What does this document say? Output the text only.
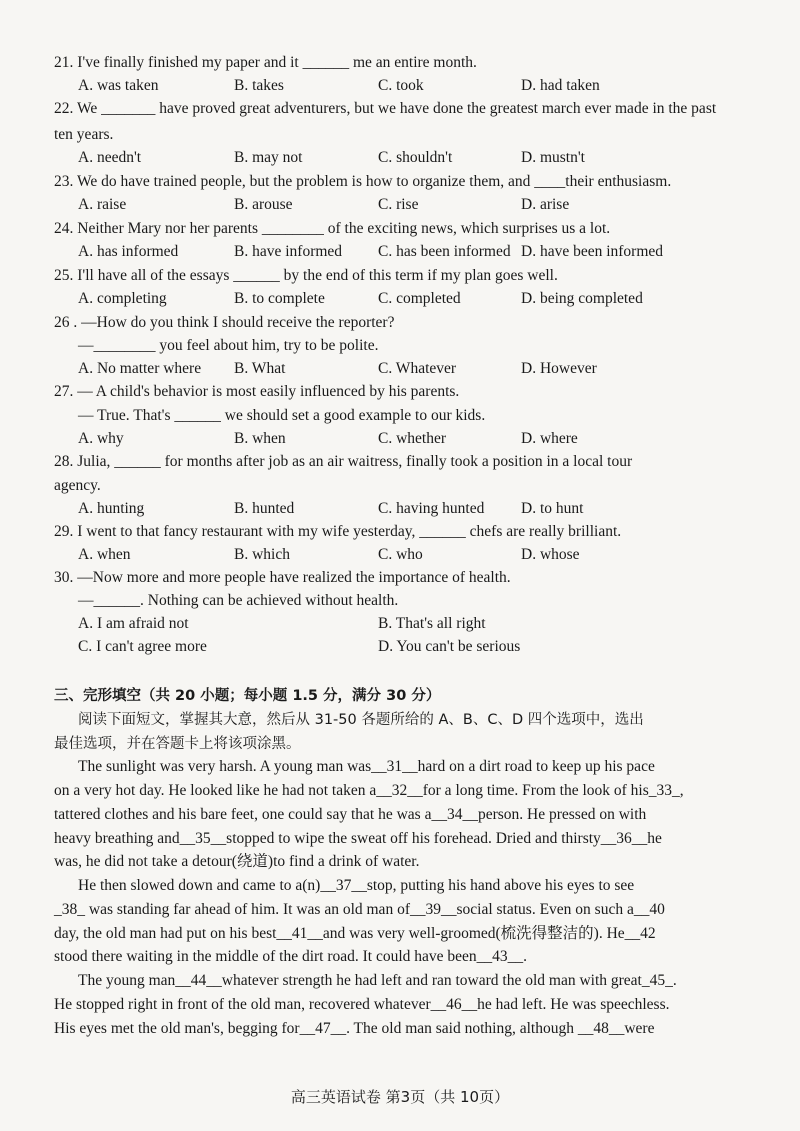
21. I've finally finished my paper and it ______ me an entire month.
A. was taken	B. takes	C. took	D. had taken
22. We _______ have proved great adventurers, but we have done the greatest march ever made in the past
ten years.
A. needn't	B. may not	C. shouldn't	D. mustn't
23. We do have trained people, but the problem is how to organize them, and ____their enthusiasm.
A. raise	B. arouse	C. rise	D. arise
24. Neither Mary nor her parents ________ of the exciting news, which surprises us a lot.
A. has informed	B. have informed C. has been informed D. have been informed
25. I'll have all of the essays ______ by the end of this term if my plan goes well.
A. completing	B. to complete	C. completed	D. being completed
26 . —How do you think I should receive the reporter?
—________ you feel about him, try to be polite.
A. No matter where B. What	C. Whatever	D. However
27. — A child's behavior is most easily influenced by his parents.
— True. That's ______ we should set a good example to our kids.
A. why	B. when	C. whether	D. where
28. Julia, ______ for months after job as an air waitress, finally took a position in a local tour
agency.
A. hunting	B. hunted	C. having hunted D. to hunt
29. I went to that fancy restaurant with my wife yesterday, ______ chefs are really brilliant.
A. when	B. which	C. who	D. whose
30. —Now more and more people have realized the importance of health.
—______. Nothing can be achieved without health.
A. I am afraid not	B. That's all right
C. I can't agree more	D. You can't be serious
三、完形填空（共 20 小题；每小题 1.5 分，满分 30 分）
阅读下面短文，掌握其大意，然后从 31-50 各题所给的 A、B、C、D 四个选项中，选出
最佳选项，并在答题卡上将该项涂黑。
The sunlight was very harsh. A young man was__31__hard on a dirt road to keep up his pace
on a very hot day. He looked like he had not taken a__32__for a long time. From the look of his_33_,
tattered clothes and his bare feet, one could say that he was a__34__person. He pressed on with
heavy breathing and__35__stopped to wipe the sweat off his forehead. Dried and thirsty__36__he
was, he did not take a detour(绕道)to find a drink of water.
He then slowed down and came to a(n)__37__stop, putting his hand above his eyes to see
_38_ was standing far ahead of him. It was an old man of__39__social status. Even on such a__40
day, the old man had put on his best__41__and was very well-groomed(梳洗得整洁的). He__42
stood there waiting in the middle of the dirt road. It could have been__43__.
The young man__44__whatever strength he had left and ran toward the old man with great_45_.
He stopped right in front of the old man, recovered whatever__46__he had left. He was speechless.
His eyes met the old man's, begging for__47__. The old man said nothing, although __48__were
高三英语试卷 第3页（共 10页）
